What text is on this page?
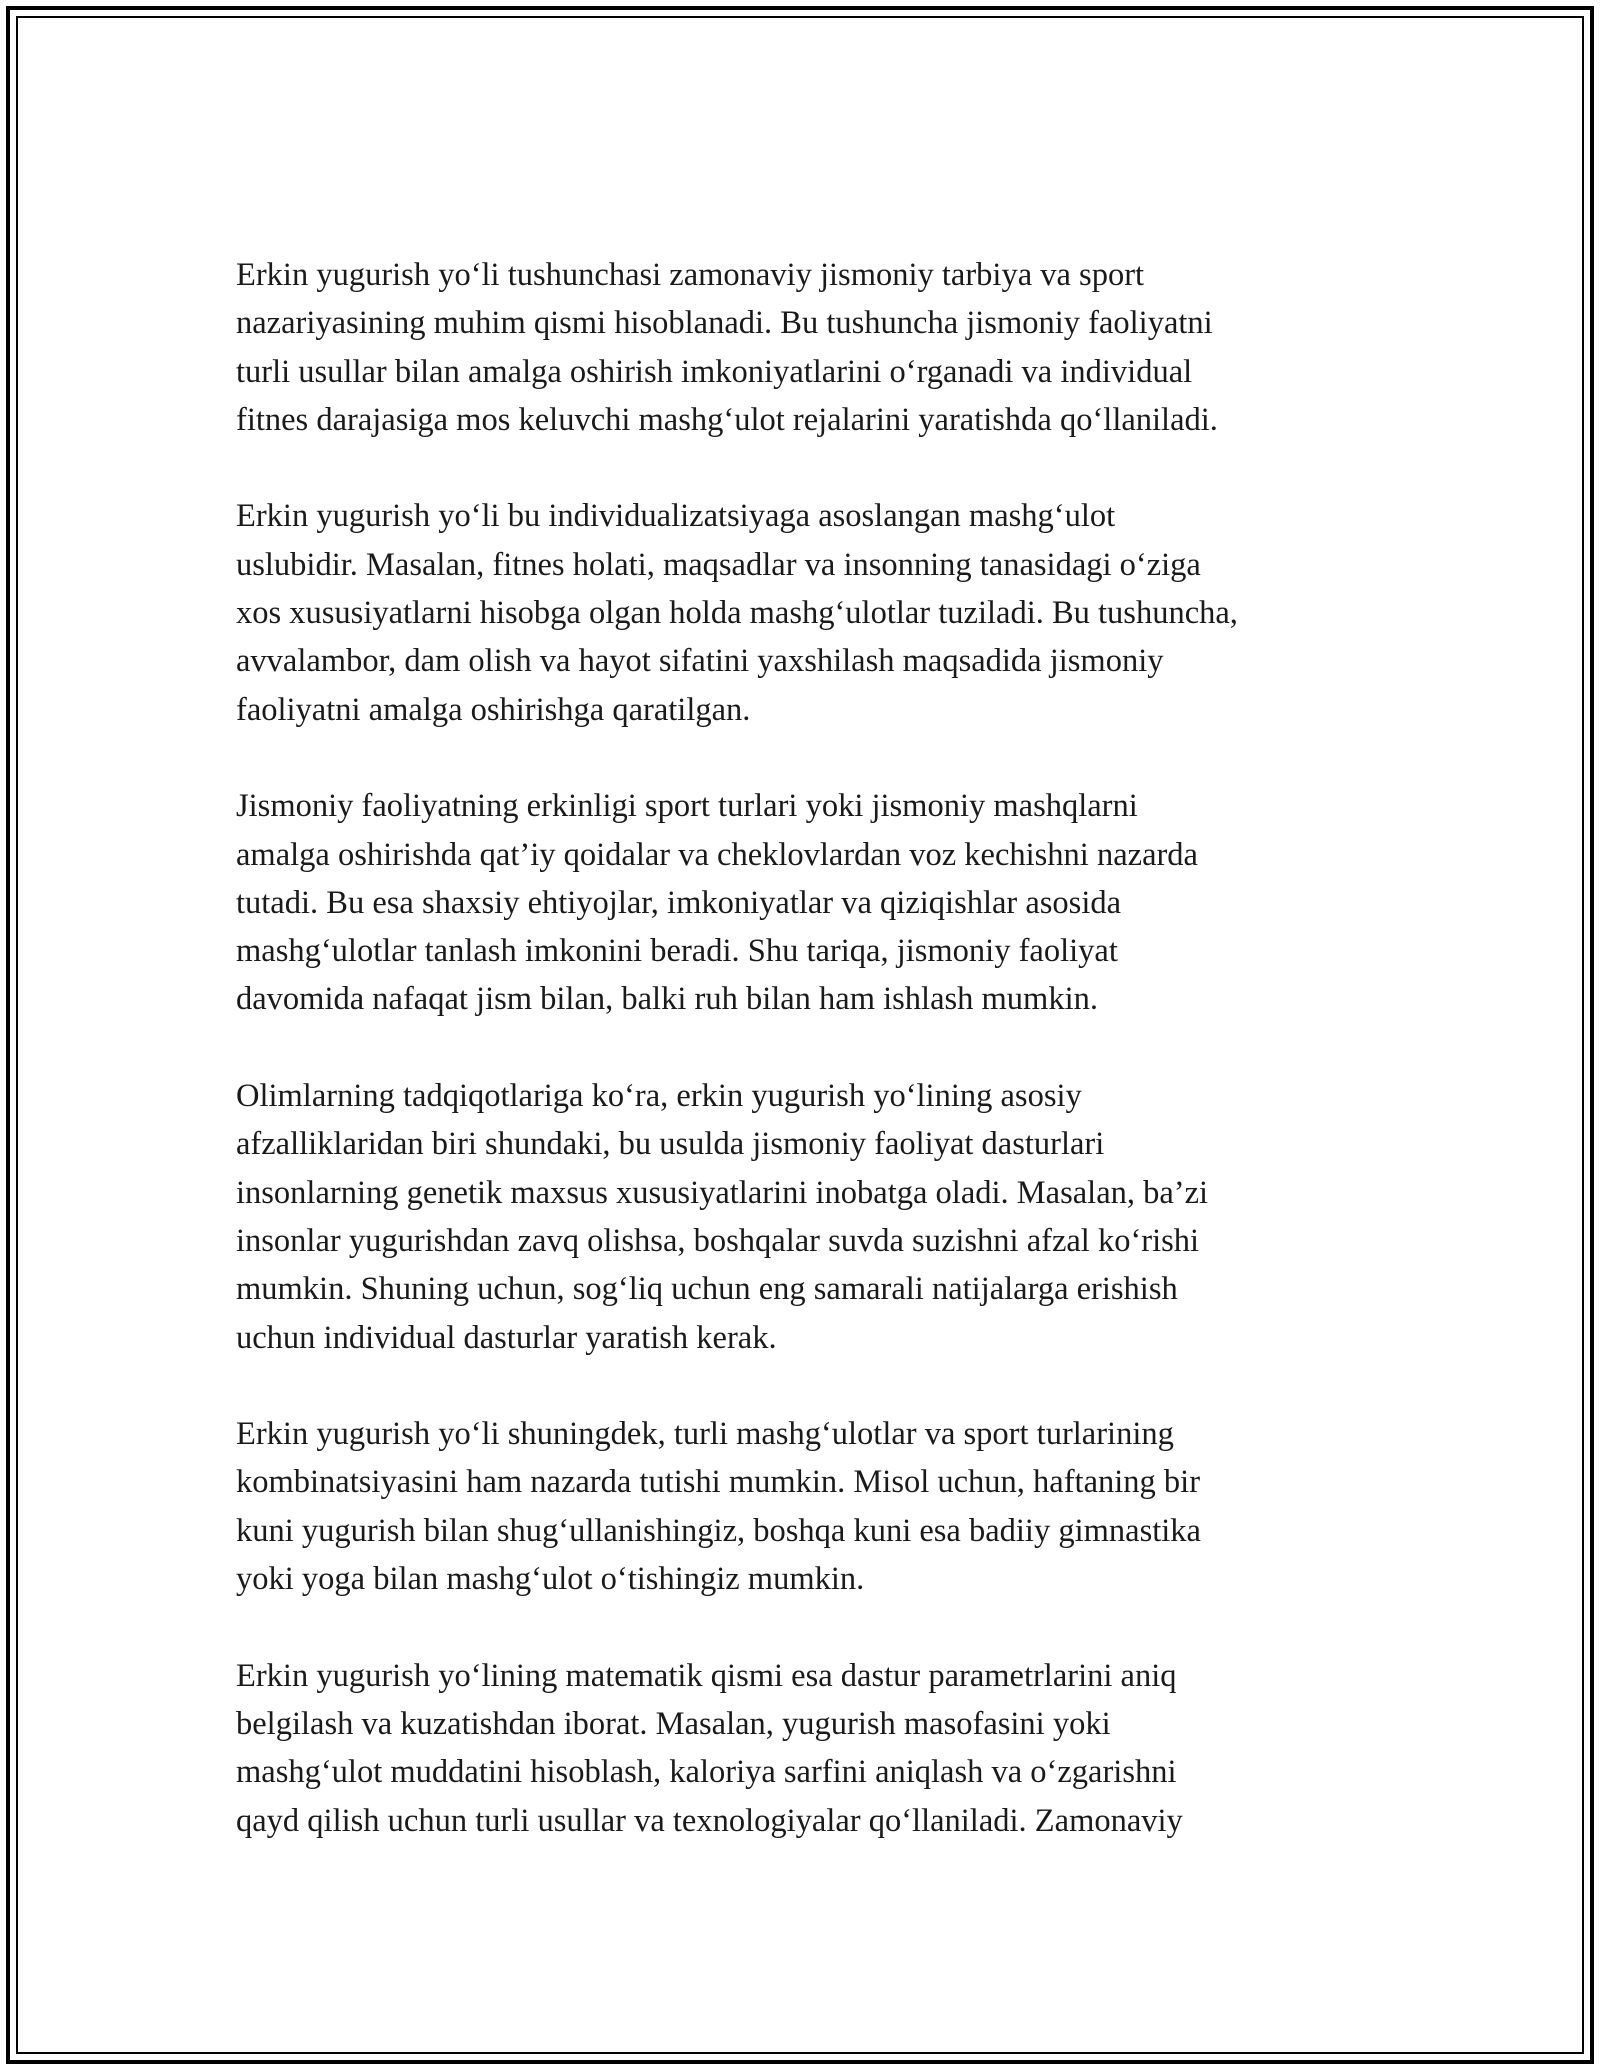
Erkin yugurish yo‘li tushunchasi zamonaviy jismoniy tarbiya va sport
nazariyasining muhim qismi hisoblanadi. Bu tushuncha jismoniy faoliyatni
turli usullar bilan amalga oshirish imkoniyatlarini o‘rganadi va individual
fitnes darajasiga mos keluvchi mashg‘ulot rejalarini yaratishda qo‘llaniladi.

Erkin yugurish yo‘li bu individualizatsiyaga asoslangan mashg‘ulot
uslubidir. Masalan, fitnes holati, maqsadlar va insonning tanasidagi o‘ziga
xos xususiyatlarni hisobga olgan holda mashg‘ulotlar tuziladi. Bu tushuncha,
avvalambor, dam olish va hayot sifatini yaxshilash maqsadida jismoniy
faoliyatni amalga oshirishga qaratilgan.

Jismoniy faoliyatning erkinligi sport turlari yoki jismoniy mashqlarni
amalga oshirishda qat’iy qoidalar va cheklovlardan voz kechishni nazarda
tutadi. Bu esa shaxsiy ehtiyojlar, imkoniyatlar va qiziqishlar asosida
mashg‘ulotlar tanlash imkonini beradi. Shu tariqa, jismoniy faoliyat
davomida nafaqat jism bilan, balki ruh bilan ham ishlash mumkin.

Olimlarning tadqiqotlariga ko‘ra, erkin yugurish yo‘lining asosiy
afzalliklaridan biri shundaki, bu usulda jismoniy faoliyat dasturlari
insonlarning genetik maxsus xususiyatlarini inobatga oladi. Masalan, ba’zi
insonlar yugurishdan zavq olishsa, boshqalar suvda suzishni afzal ko‘rishi
mumkin. Shuning uchun, sog‘liq uchun eng samarali natijalarga erishish
uchun individual dasturlar yaratish kerak.

Erkin yugurish yo‘li shuningdek, turli mashg‘ulotlar va sport turlarining
kombinatsiyasini ham nazarda tutishi mumkin. Misol uchun, haftaning bir
kuni yugurish bilan shug‘ullanishingiz, boshqa kuni esa badiiy gimnastika
yoki yoga bilan mashg‘ulot o‘tishingiz mumkin.

Erkin yugurish yo‘lining matematik qismi esa dastur parametrlarini aniq
belgilash va kuzatishdan iborat. Masalan, yugurish masofasini yoki
mashg‘ulot muddatini hisoblash, kaloriya sarfini aniqlash va o‘zgarishni
qayd qilish uchun turli usullar va texnologiyalar qo‘llaniladi. Zamonaviy
